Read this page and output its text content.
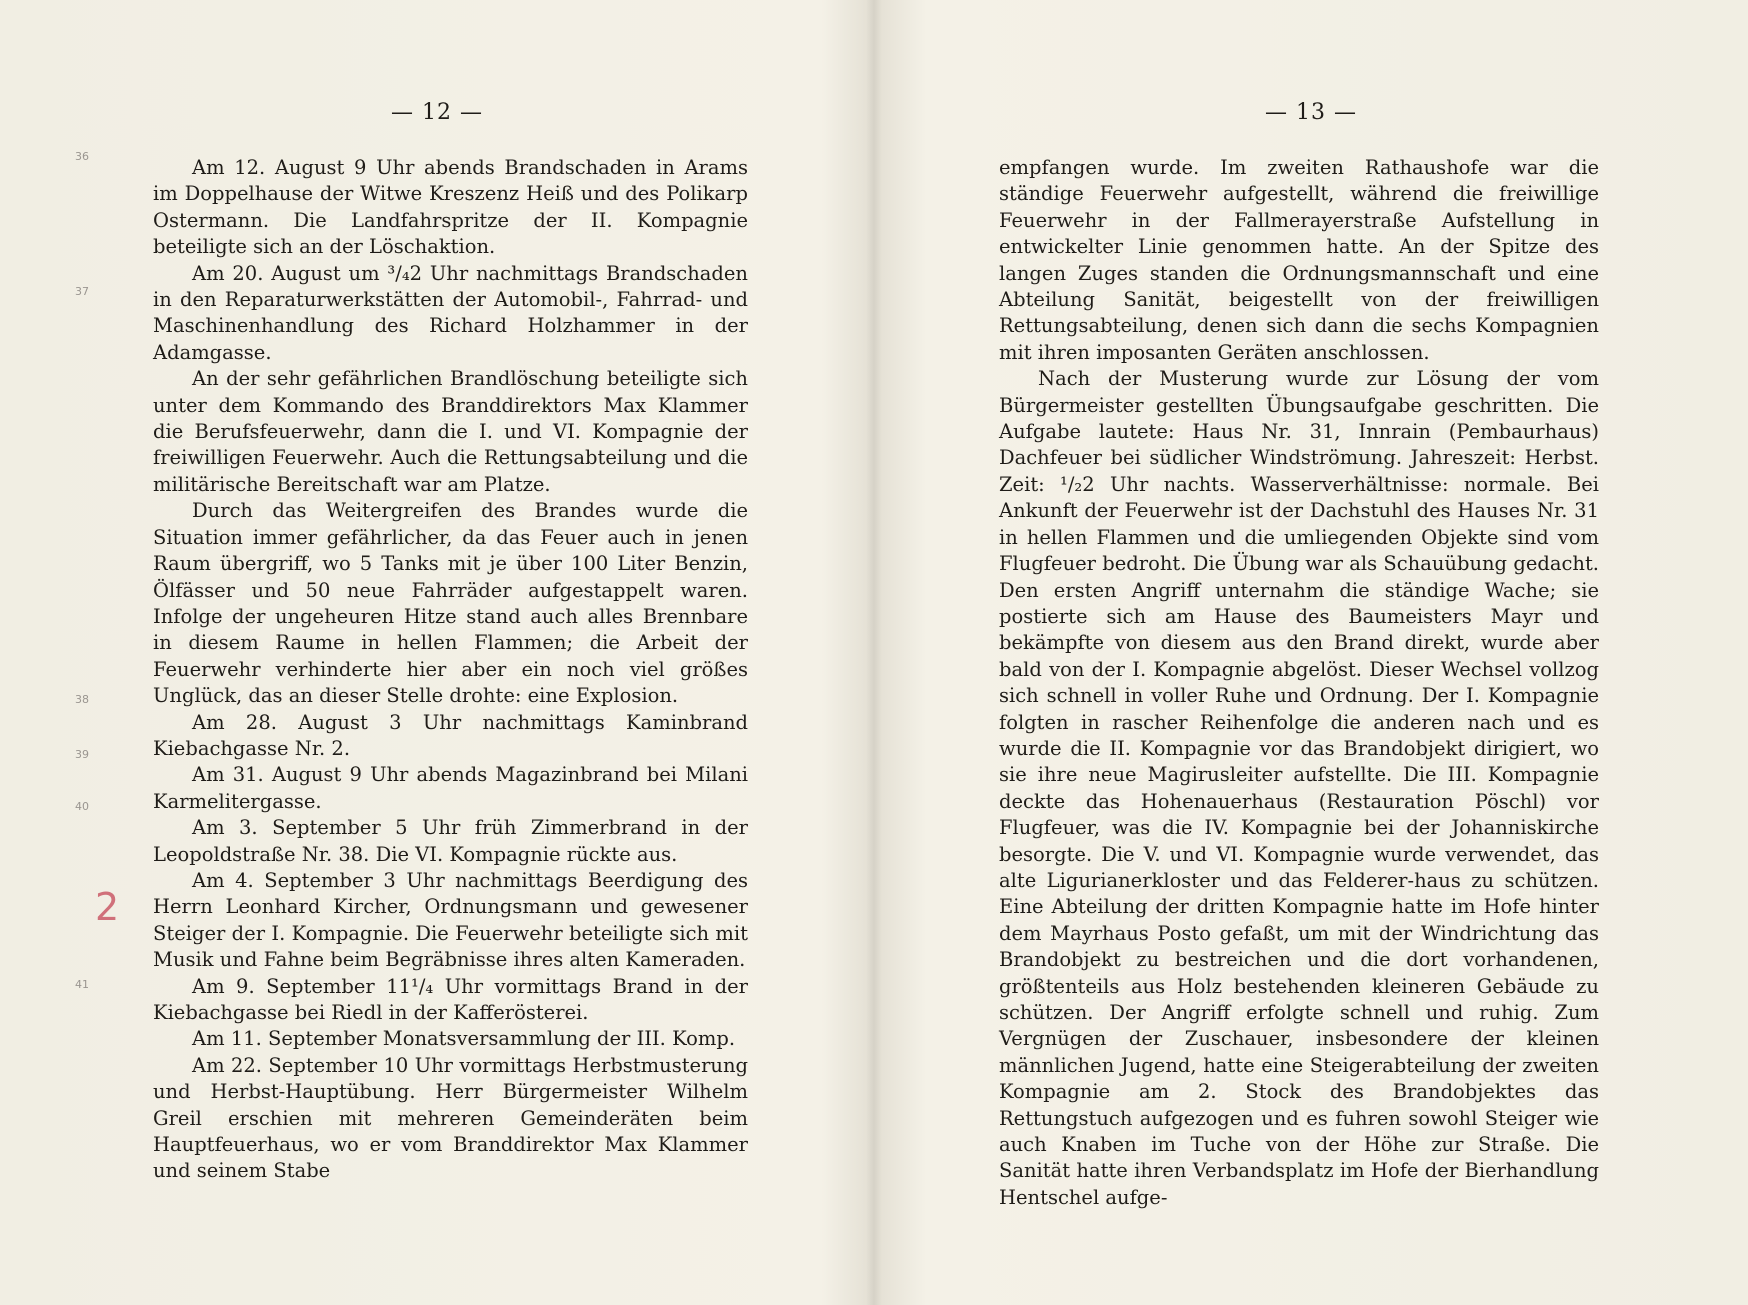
— 12 —
36
37
38
39
40
41
2

Am 12. August 9 Uhr abends Brandschaden in Arams im Doppelhause der Witwe Kreszenz Heiß und des Polikarp Ostermann. Die Landfahrspritze der II. Kompagnie beteiligte sich an der Löschaktion.

Am 20. August um ³/₄2 Uhr nachmittags Brandschaden in den Reparaturwerkstätten der Automobil-, Fahrrad- und Maschinenhandlung des Richard Holzhammer in der Adamgasse.

An der sehr gefährlichen Brandlöschung beteiligte sich unter dem Kommando des Branddirektors Max Klammer die Berufsfeuerwehr, dann die I. und VI. Kompagnie der freiwilligen Feuerwehr. Auch die Rettungsabteilung und die militärische Bereitschaft war am Platze.

Durch das Weitergreifen des Brandes wurde die Situation immer gefährlicher, da das Feuer auch in jenen Raum übergriff, wo 5 Tanks mit je über 100 Liter Benzin, Ölfässer und 50 neue Fahrräder aufgestappelt waren. Infolge der ungeheuren Hitze stand auch alles Brennbare in diesem Raume in hellen Flammen; die Arbeit der Feuerwehr verhinderte hier aber ein noch viel größes Unglück, das an dieser Stelle drohte: eine Explosion.

Am 28. August 3 Uhr nachmittags Kaminbrand Kiebachgasse Nr. 2.

Am 31. August 9 Uhr abends Magazinbrand bei Milani Karmelitergasse.

Am 3. September 5 Uhr früh Zimmerbrand in der Leopoldstraße Nr. 38. Die VI. Kompagnie rückte aus.

Am 4. September 3 Uhr nachmittags Beerdigung des Herrn Leonhard Kircher, Ordnungsmann und gewesener Steiger der I. Kompagnie. Die Feuerwehr beteiligte sich mit Musik und Fahne beim Begräbnisse ihres alten Kameraden.

Am 9. September 11¹/₄ Uhr vormittags Brand in der Kiebachgasse bei Riedl in der Kafferösterei.

Am 11. September Monatsversammlung der III. Komp.

Am 22. September 10 Uhr vormittags Herbstmusterung und Herbst-Hauptübung. Herr Bürgermeister Wilhelm Greil erschien mit mehreren Gemeinderäten beim Hauptfeuerhaus, wo er vom Branddirektor Max Klammer und seinem Stabe

— 13 —

empfangen wurde. Im zweiten Rathaushofe war die ständige Feuerwehr aufgestellt, während die freiwillige Feuerwehr in der Fallmerayerstraße Aufstellung in entwickelter Linie genommen hatte. An der Spitze des langen Zuges standen die Ordnungsmannschaft und eine Abteilung Sanität, beigestellt von der freiwilligen Rettungsabteilung, denen sich dann die sechs Kompagnien mit ihren imposanten Geräten anschlossen.

Nach der Musterung wurde zur Lösung der vom Bürgermeister gestellten Übungsaufgabe geschritten. Die Aufgabe lautete: Haus Nr. 31, Innrain (Pembaurhaus) Dachfeuer bei südlicher Windströmung. Jahreszeit: Herbst. Zeit: ¹/₂2 Uhr nachts. Wasserverhältnisse: normale. Bei Ankunft der Feuerwehr ist der Dachstuhl des Hauses Nr. 31 in hellen Flammen und die umliegenden Objekte sind vom Flugfeuer bedroht. Die Übung war als Schauübung gedacht. Den ersten Angriff unternahm die ständige Wache; sie postierte sich am Hause des Baumeisters Mayr und bekämpfte von diesem aus den Brand direkt, wurde aber bald von der I. Kompagnie abgelöst. Dieser Wechsel vollzog sich schnell in voller Ruhe und Ordnung. Der I. Kompagnie folgten in rascher Reihenfolge die anderen nach und es wurde die II. Kompagnie vor das Brandobjekt dirigiert, wo sie ihre neue Magirusleiter aufstellte. Die III. Kompagnie deckte das Hohenauerhaus (Restauration Pöschl) vor Flugfeuer, was die IV. Kompagnie bei der Johanniskirche besorgte. Die V. und VI. Kompagnie wurde verwendet, das alte Ligurianerkloster und das Felderer-haus zu schützen. Eine Abteilung der dritten Kompagnie hatte im Hofe hinter dem Mayrhaus Posto gefaßt, um mit der Windrichtung das Brandobjekt zu bestreichen und die dort vorhandenen, größtenteils aus Holz bestehenden kleineren Gebäude zu schützen. Der Angriff erfolgte schnell und ruhig. Zum Vergnügen der Zuschauer, insbesondere der kleinen männlichen Jugend, hatte eine Steigerabteilung der zweiten Kompagnie am 2. Stock des Brandobjektes das Rettungstuch aufgezogen und es fuhren sowohl Steiger wie auch Knaben im Tuche von der Höhe zur Straße. Die Sanität hatte ihren Verbandsplatz im Hofe der Bierhandlung Hentschel aufge-
